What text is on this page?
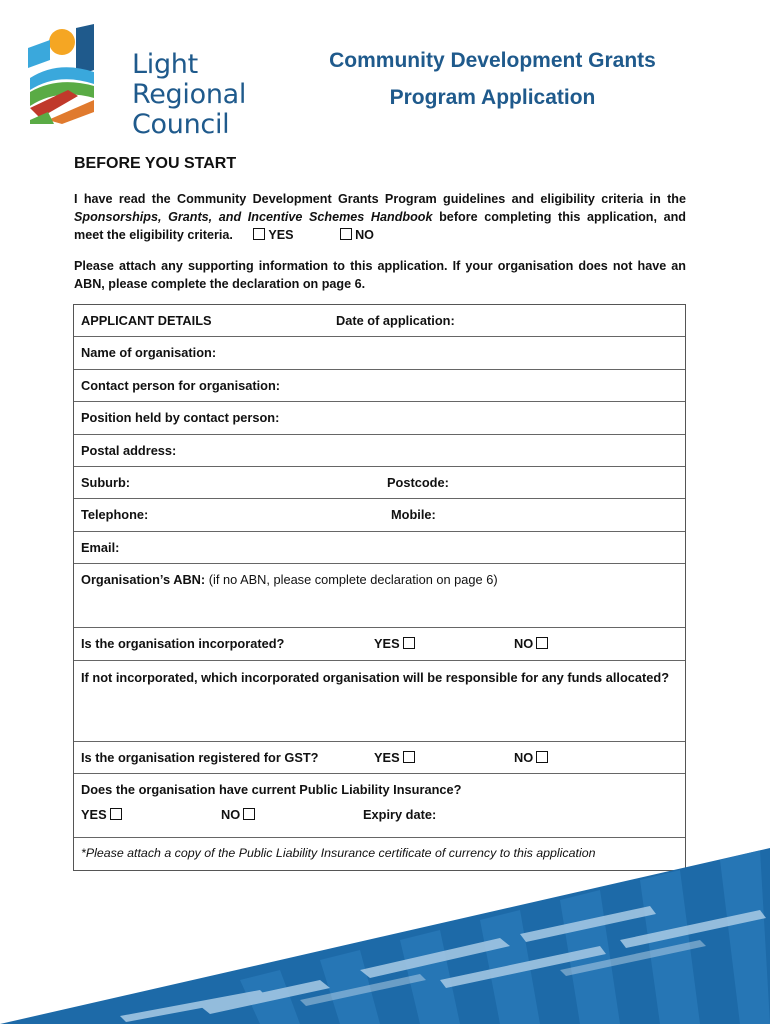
Light
Regional
Council
Community Development Grants
Program Application
BEFORE YOU START
I have read the Community Development Grants Program guidelines and eligibility criteria in the Sponsorships, Grants, and Incentive Schemes Handbook before completing this application, and meet the eligibility criteria.	YES	NO
Please attach any supporting information to this application. If your organisation does not have an ABN, please complete the declaration on page 6.
APPLICANT DETAILS	Date of application:
Name of organisation:
Contact person for organisation:
Position held by contact person:
Postal address:
Suburb:	Postcode:
Telephone:	Mobile:
Email:
Organisation’s ABN: (if no ABN, please complete declaration on page 6)
Is the organisation incorporated?	YES	NO
If not incorporated, which incorporated organisation will be responsible for any funds allocated?
Is the organisation registered for GST?	YES	NO
Does the organisation have current Public Liability Insurance?
YES	NO	Expiry date:
*Please attach a copy of the Public Liability Insurance certificate of currency to this application
